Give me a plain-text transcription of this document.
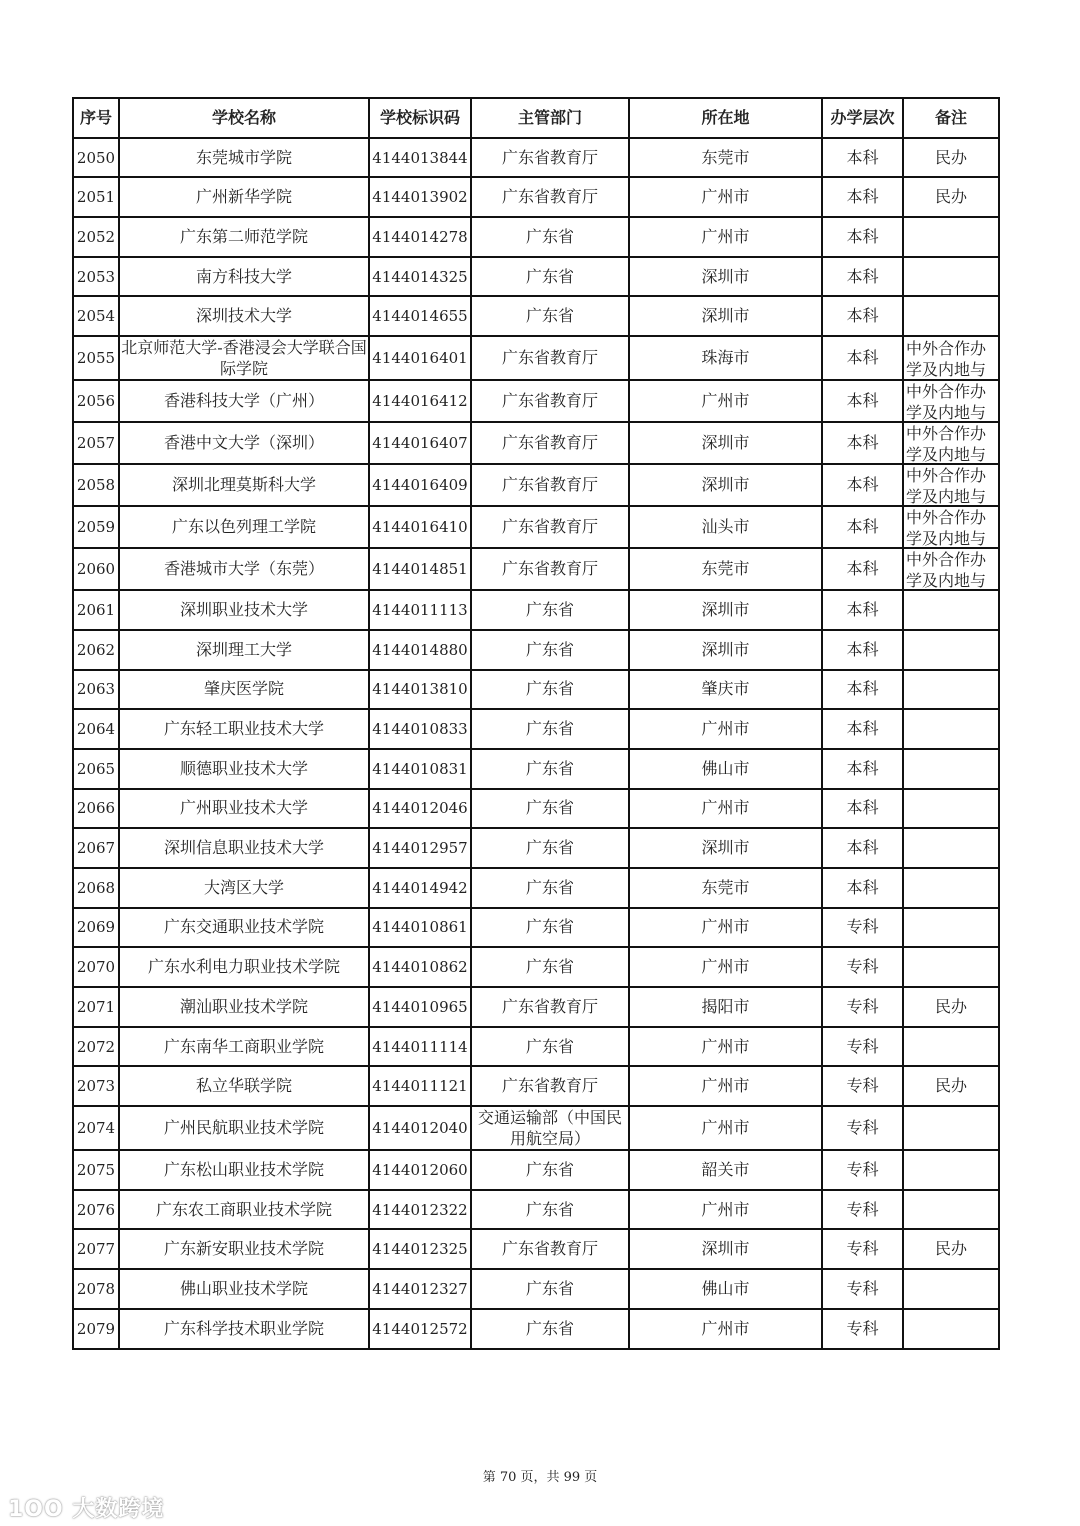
序号	学校名称	学校标识码	主管部门	所在地	办学层次	备注
2050	东莞城市学院	4144013844	广东省教育厅	东莞市	本科	民办
2051	广州新华学院	4144013902	广东省教育厅	广州市	本科	民办
2052	广东第二师范学院	4144014278	广东省	广州市	本科	
2053	南方科技大学	4144014325	广东省	深圳市	本科	
2054	深圳技术大学	4144014655	广东省	深圳市	本科	
2055	北京师范大学-香港浸会大学联合国际学院	4144016401	广东省教育厅	珠海市	本科	中外合作办学及内地与

2056	香港科技大学（广州）	4144016412	广东省教育厅	广州市	本科	中外合作办学及内地与

2057	香港中文大学（深圳）	4144016407	广东省教育厅	深圳市	本科	中外合作办学及内地与

2058	深圳北理莫斯科大学	4144016409	广东省教育厅	深圳市	本科	中外合作办学及内地与

2059	广东以色列理工学院	4144016410	广东省教育厅	汕头市	本科	中外合作办学及内地与

2060	香港城市大学（东莞）	4144014851	广东省教育厅	东莞市	本科	中外合作办学及内地与

2061	深圳职业技术大学	4144011113	广东省	深圳市	本科	
2062	深圳理工大学	4144014880	广东省	深圳市	本科	
2063	肇庆医学院	4144013810	广东省	肇庆市	本科	
2064	广东轻工职业技术大学	4144010833	广东省	广州市	本科	
2065	顺德职业技术大学	4144010831	广东省	佛山市	本科	
2066	广州职业技术大学	4144012046	广东省	广州市	本科	
2067	深圳信息职业技术大学	4144012957	广东省	深圳市	本科	
2068	大湾区大学	4144014942	广东省	东莞市	本科	
2069	广东交通职业技术学院	4144010861	广东省	广州市	专科	
2070	广东水利电力职业技术学院	4144010862	广东省	广州市	专科	
2071	潮汕职业技术学院	4144010965	广东省教育厅	揭阳市	专科	民办
2072	广东南华工商职业学院	4144011114	广东省	广州市	专科	
2073	私立华联学院	4144011121	广东省教育厅	广州市	专科	民办
2074	广州民航职业技术学院	4144012040	交通运输部（中国民用航空局）	广州市	专科	
2075	广东松山职业技术学院	4144012060	广东省	韶关市	专科	
2076	广东农工商职业技术学院	4144012322	广东省	广州市	专科	
2077	广东新安职业技术学院	4144012325	广东省教育厅	深圳市	专科	民办
2078	佛山职业技术学院	4144012327	广东省	佛山市	专科	
2079	广东科学技术职业学院	4144012572	广东省	广州市	专科	
第 70 页，共 99 页
1OO 大数跨境
